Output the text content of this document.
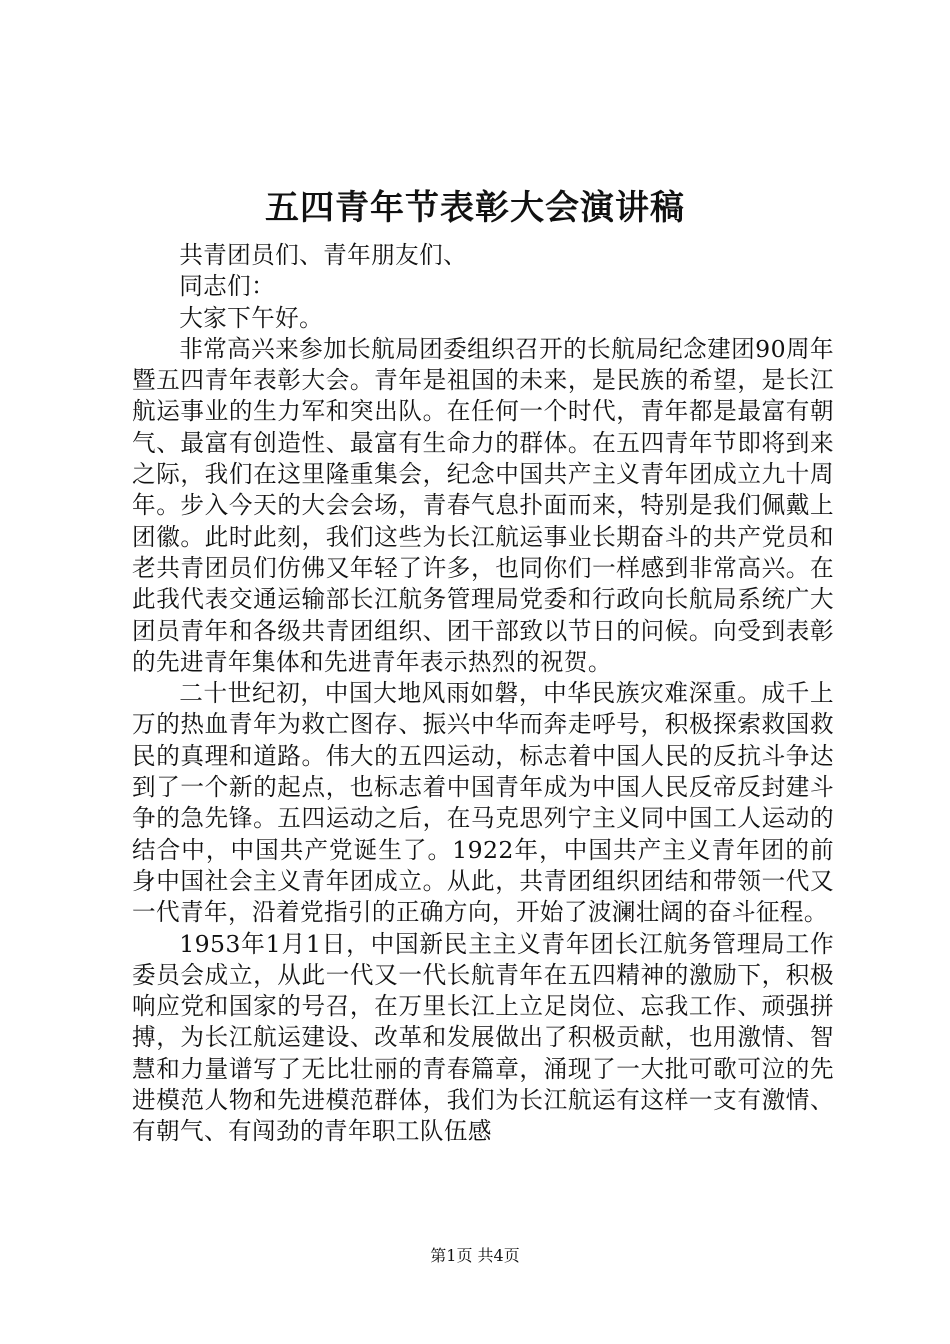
五四青年节表彰大会演讲稿

共青团员们、青年朋友们、

同志们：

大家下午好。

非常高兴来参加长航局团委组织召开的长航局纪念建团90周年暨五四青年表彰大会。青年是祖国的未来，是民族的希望，是长江航运事业的生力军和突出队。在任何一个时代，青年都是最富有朝气、最富有创造性、最富有生命力的群体。在五四青年节即将到来之际，我们在这里隆重集会，纪念中国共产主义青年团成立九十周年。步入今天的大会会场，青春气息扑面而来，特别是我们佩戴上团徽。此时此刻，我们这些为长江航运事业长期奋斗的共产党员和老共青团员们仿佛又年轻了许多，也同你们一样感到非常高兴。在此我代表交通运输部长江航务管理局党委和行政向长航局系统广大团员青年和各级共青团组织、团干部致以节日的问候。向受到表彰的先进青年集体和先进青年表示热烈的祝贺。

二十世纪初，中国大地风雨如磐，中华民族灾难深重。成千上万的热血青年为救亡图存、振兴中华而奔走呼号，积极探索救国救民的真理和道路。伟大的五四运动，标志着中国人民的反抗斗争达到了一个新的起点，也标志着中国青年成为中国人民反帝反封建斗争的急先锋。五四运动之后，在马克思列宁主义同中国工人运动的结合中，中国共产党诞生了。1922年，中国共产主义青年团的前身中国社会主义青年团成立。从此，共青团组织团结和带领一代又一代青年，沿着党指引的正确方向，开始了波澜壮阔的奋斗征程。

1953年1月1日，中国新民主主义青年团长江航务管理局工作委员会成立，从此一代又一代长航青年在五四精神的激励下，积极响应党和国家的号召，在万里长江上立足岗位、忘我工作、顽强拼搏，为长江航运建设、改革和发展做出了积极贡献，也用激情、智慧和力量谱写了无比壮丽的青春篇章，涌现了一大批可歌可泣的先进模范人物和先进模范群体，我们为长江航运有这样一支有激情、有朝气、有闯劲的青年职工队伍感

第1页 共4页
